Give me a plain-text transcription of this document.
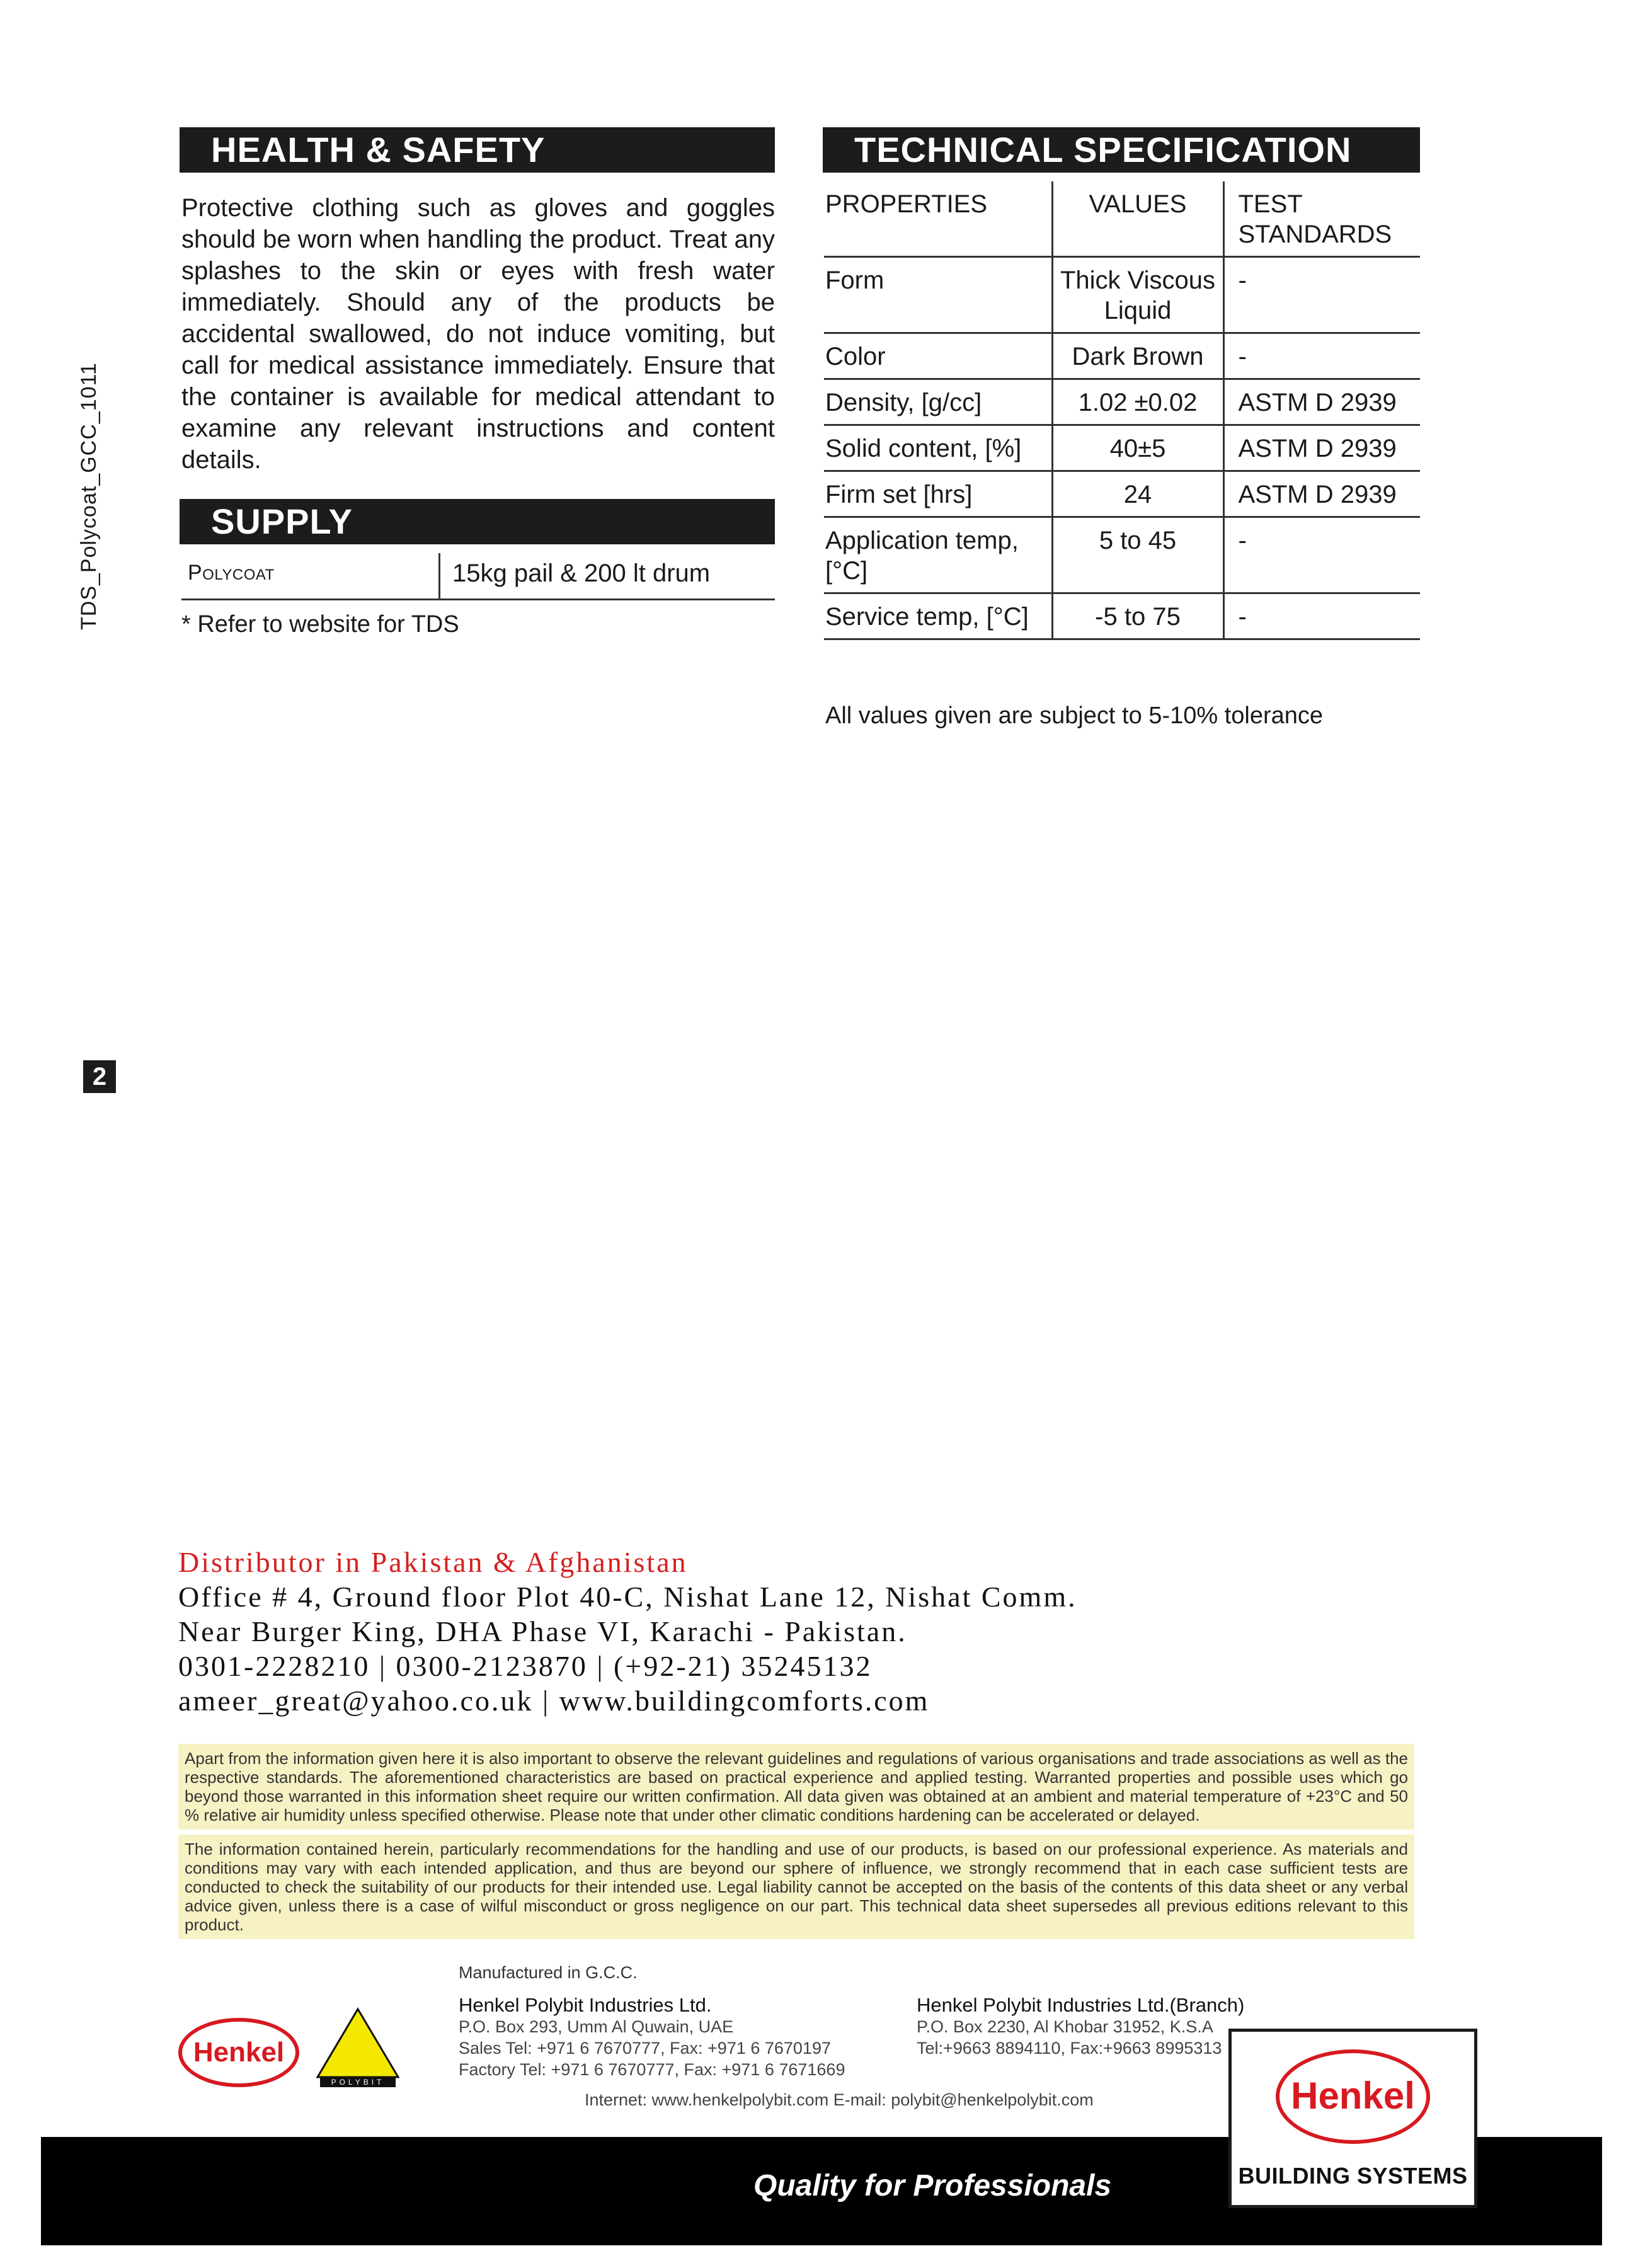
TDS_Polycoat_GCC_1011
2
HEALTH & SAFETY
Protective clothing such as gloves and goggles should be worn when handling the product. Treat any splashes to the skin or eyes with fresh water immediately. Should any of the products be accidental swallowed, do not induce vomiting, but call for medical assistance immediately. Ensure that the container is available for medical attendant to examine any relevant instructions and content details.
SUPPLY
Polycoat	15kg pail & 200 lt drum
* Refer to website for TDS
TECHNICAL SPECIFICATION
PROPERTIES	VALUES	TEST STANDARDS
Form	Thick Viscous Liquid	-
Color	Dark Brown	-
Density, [g/cc]	1.02 ±0.02	ASTM D 2939
Solid content, [%]	40±5	ASTM D 2939
Firm set [hrs]	24	ASTM D 2939
Application temp, [°C]	5 to 45	-
Service temp, [°C]	-5 to 75	-
All values given are subject to 5-10% tolerance
Distributor in Pakistan & Afghanistan
Office # 4, Ground floor Plot 40-C, Nishat Lane 12, Nishat Comm.
Near Burger King, DHA Phase VI, Karachi - Pakistan.
0301-2228210 | 0300-2123870 | (+92-21) 35245132
ameer_great@yahoo.co.uk | www.buildingcomforts.com
Apart from the information given here it is also important to observe the relevant guidelines and regulations of various organisations and trade associations as well as the respective standards. The aforementioned characteristics are based on practical experience and applied testing. Warranted properties and possible uses which go beyond those warranted in this information sheet require our written confirmation. All data given was obtained at an ambient and material temperature of +23°C and 50 % relative air humidity unless specified otherwise. Please note that under other climatic conditions hardening can be accelerated or delayed.
The information contained herein, particularly recommendations for the handling and use of our products, is based on our professional experience. As materials and conditions may vary with each intended application, and thus are beyond our sphere of influence, we strongly recommend that in each case sufficient tests are conducted to check the suitability of our products for their intended use. Legal liability cannot be accepted on the basis of the contents of this data sheet or any verbal advice given, unless there is a case of wilful misconduct or gross negligence on our part. This technical data sheet supersedes all previous editions relevant to this product.
Henkel
POLYBIT
Manufactured in G.C.C.
Henkel Polybit Industries Ltd.
P.O. Box 293, Umm Al Quwain, UAE
Sales Tel: +971 6 7670777, Fax: +971 6 7670197
Factory Tel: +971 6 7670777, Fax: +971 6 7671669
Henkel Polybit Industries Ltd.(Branch)
P.O. Box 2230, Al Khobar 31952, K.S.A
Tel:+9663 8894110, Fax:+9663 8995313
Internet: www.henkelpolybit.com E-mail: polybit@henkelpolybit.com
Quality for Professionals
Henkel
BUILDING SYSTEMS
